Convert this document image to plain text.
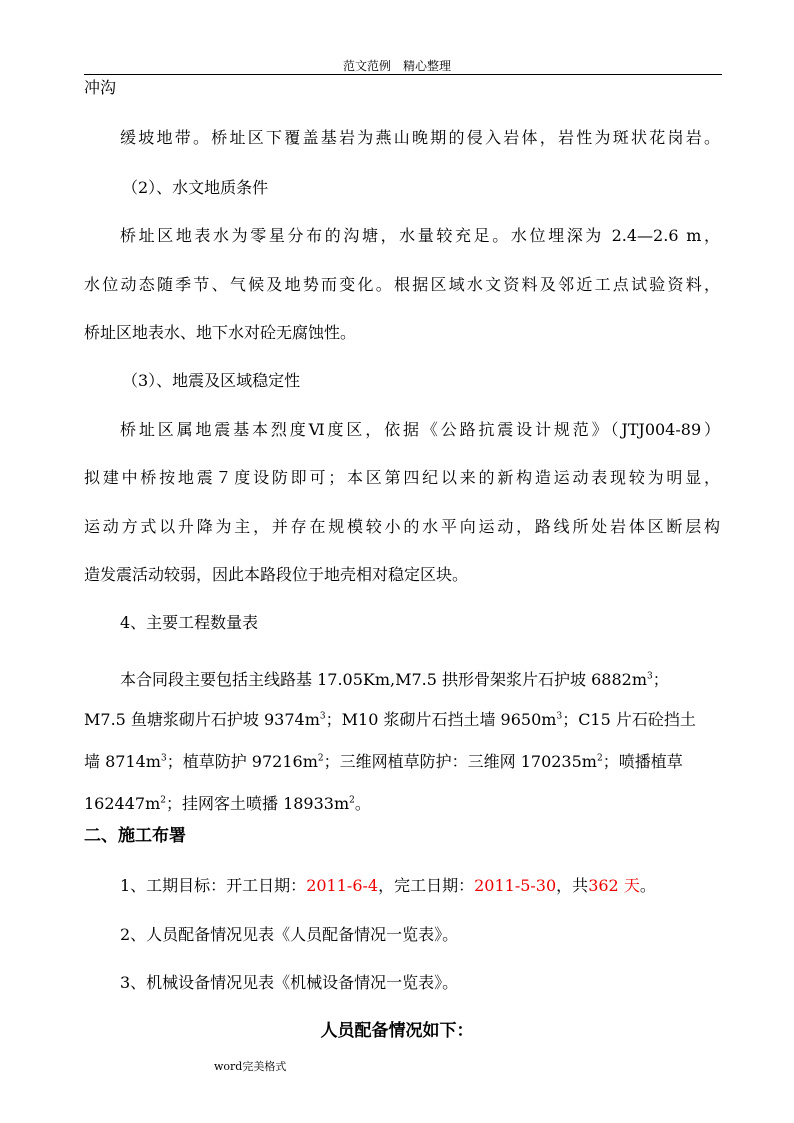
范文范例　精心整理
冲沟
缓坡地带。桥址区下覆盖基岩为燕山晚期的侵入岩体，岩性为斑状花岗岩。
（2）、水文地质条件
桥址区地表水为零星分布的沟塘，水量较充足。水位埋深为 2.4—2.6 m，
水位动态随季节、气候及地势而变化。根据区域水文资料及邻近工点试验资料，
桥址区地表水、地下水对砼无腐蚀性。
（3）、地震及区域稳定性
桥址区属地震基本烈度Ⅵ度区，依据《公路抗震设计规范》（JTJ004-89）
拟建中桥按地震７度设防即可；本区第四纪以来的新构造运动表现较为明显，
运动方式以升降为主，并存在规模较小的水平向运动，路线所处岩体区断层构
造发震活动较弱，因此本路段位于地壳相对稳定区块。
4、主要工程数量表
本合同段主要包括主线路基 17.05Km,M7.5 拱形骨架浆片石护坡 $6882m^3$；
M7.5 鱼塘浆砌片石护坡 $9374m^3$；M10 浆砌片石挡土墙 $9650m^3$；C15 片石砼挡土
墙 $8714m^3$；植草防护 $97216m^2$；三维网植草防护：三维网 $170235m^2$；喷播植草
$162447m^2$；挂网客土喷播 $18933m^2$。
二、施工布署
1、工期目标：开工日期：2011-6-4，完工日期：2011-5-30，共362 天。
2、人员配备情况见表《人员配备情况一览表》。
3、机械设备情况见表《机械设备情况一览表》。
人员配备情况如下：
word完美格式
